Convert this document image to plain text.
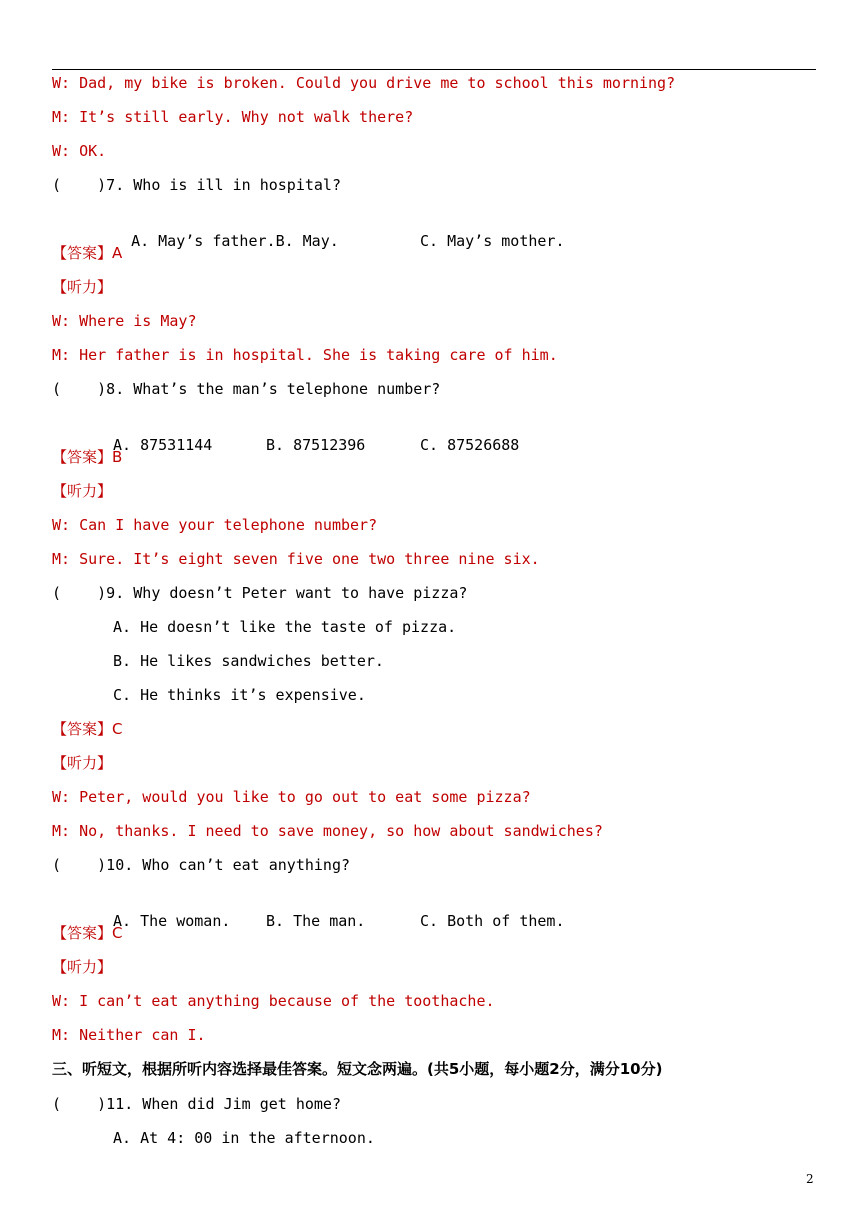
W: Dad, my bike is broken. Could you drive me to school this morning?
M: It’s still early. Why not walk there?
W: OK.
(    )7. Who is ill in hospital?

A. May’s father.B. May.	C. May’s mother.

【答案】A
【听力】
W: Where is May?
M: Her father is in hospital. She is taking care of him.
(    )8. What’s the man’s telephone number?

A. 87531144	B. 87512396	C. 87526688

【答案】B
【听力】
W: Can I have your telephone number?
M: Sure. It’s eight seven five one two three nine six.
(    )9. Why doesn’t Peter want to have pizza?
A. He doesn’t like the taste of pizza.
B. He likes sandwiches better.
C. He thinks it’s expensive.
【答案】C
【听力】
W: Peter, would you like to go out to eat some pizza?
M: No, thanks. I need to save money, so how about sandwiches?
(    )10. Who can’t eat anything?

A. The woman. B. The man.	C. Both of them.

【答案】C
【听力】
W: I can’t eat anything because of the toothache.
M: Neither can I.
三、听短文，根据所听内容选择最佳答案。短文念两遍。(共5小题，每小题2分，满分10分)
(    )11. When did Jim get home?
A. At 4: 00 in the afternoon.
2
